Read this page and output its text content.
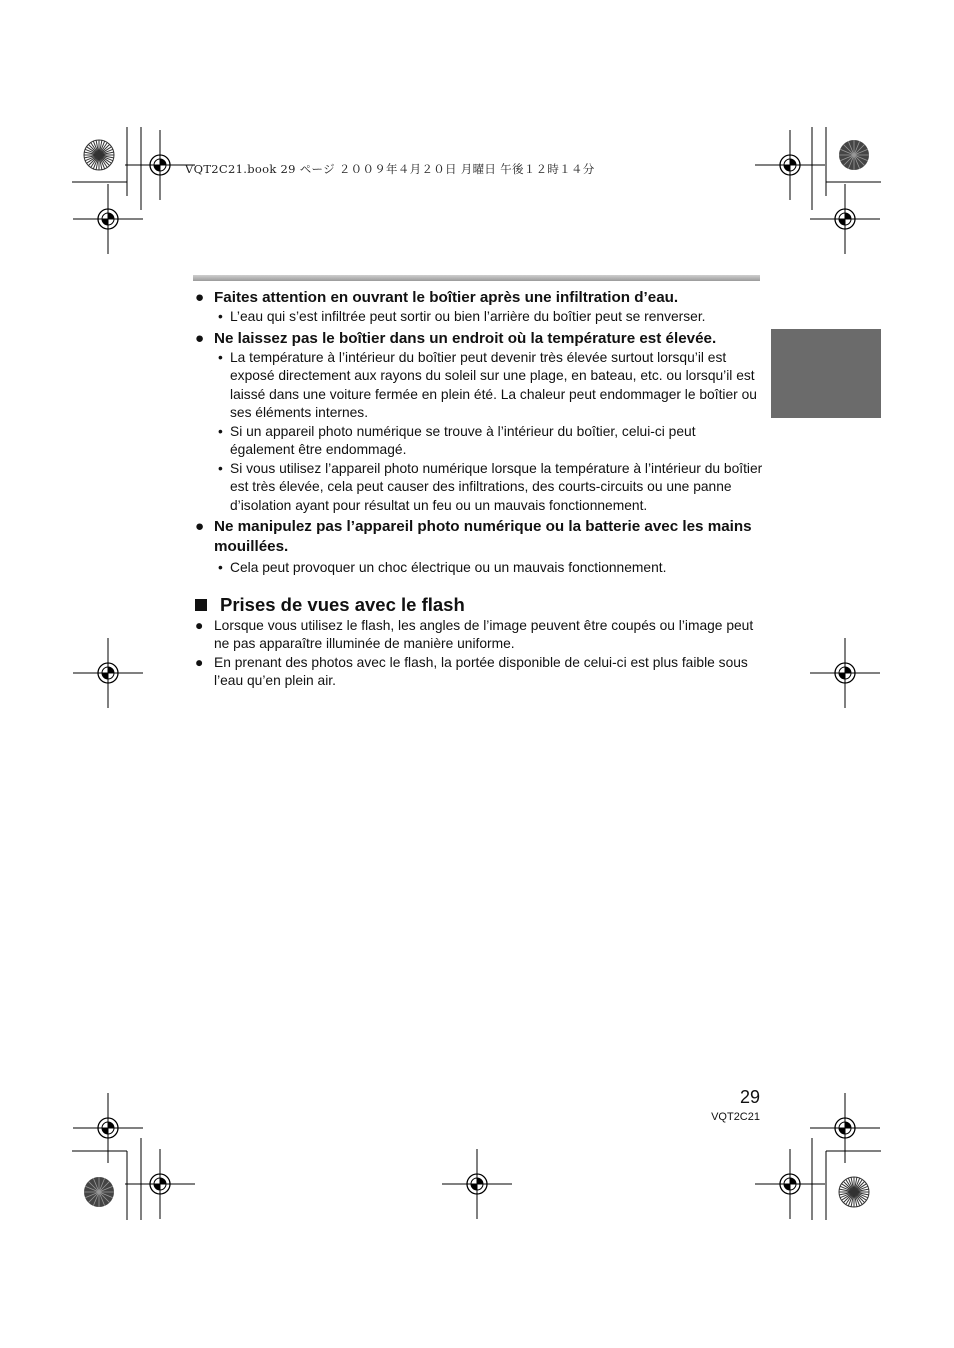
VQT2C21.book 29 ページ ２００９年４月２０日 月曜日 午後１２時１４分
● Faites attention en ouvrant le boîtier après une infiltration d’eau.
• L’eau qui s’est infiltrée peut sortir ou bien l’arrière du boîtier peut se renverser.
● Ne laissez pas le boîtier dans un endroit où la température est élevée.
• La température à l’intérieur du boîtier peut devenir très élevée surtout lorsqu’il est exposé directement aux rayons du soleil sur une plage, en bateau, etc. ou lorsqu’il est laissé dans une voiture fermée en plein été. La chaleur peut endommager le boîtier ou ses éléments internes.
• Si un appareil photo numérique se trouve à l’intérieur du boîtier, celui-ci peut également être endommagé.
• Si vous utilisez l’appareil photo numérique lorsque la température à l’intérieur du boîtier est très élevée, cela peut causer des infiltrations, des courts-circuits ou une panne d’isolation ayant pour résultat un feu ou un mauvais fonctionnement.
● Ne manipulez pas l’appareil photo numérique ou la batterie avec les mains mouillées.
• Cela peut provoquer un choc électrique ou un mauvais fonctionnement.
Prises de vues avec le flash
● Lorsque vous utilisez le flash, les angles de l’image peuvent être coupés ou l’image peut ne pas apparaître illuminée de manière uniforme.
● En prenant des photos avec le flash, la portée disponible de celui-ci est plus faible sous l’eau qu’en plein air.
29
VQT2C21
